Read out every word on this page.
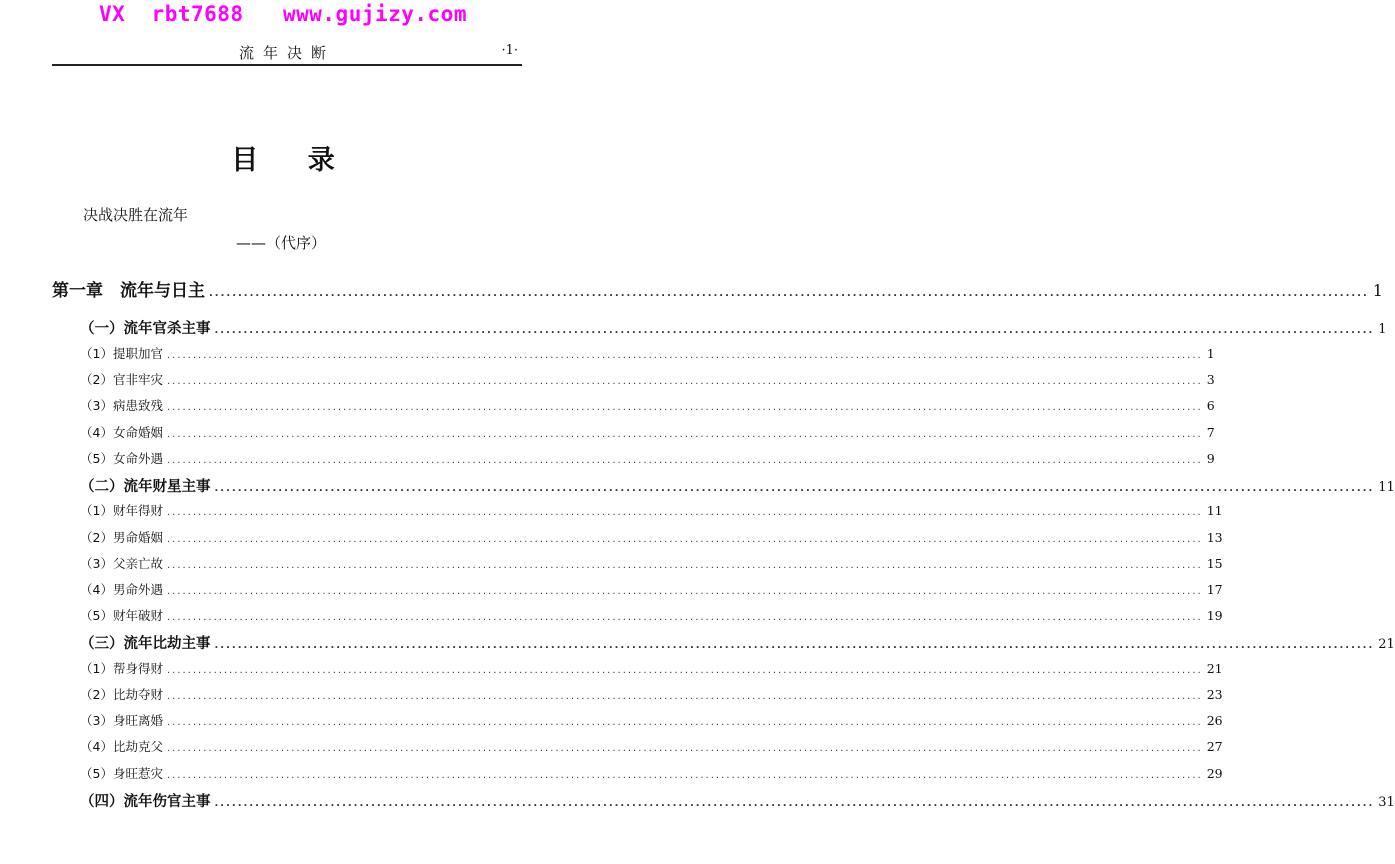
VX  rbt7688   www.gujizy.com
流年决断	·1·
目 录
决战决胜在流年
——（代序）
第一章　流年与日主 ........................................................................................................................................................................................................ 1
（一）流年官杀主事 ........................................................................................................................................................................................................ 1
（1）提职加官 ........................................................................................................................................................................................................ 1
（2）官非牢灾 ........................................................................................................................................................................................................ 3
（3）病患致残 ........................................................................................................................................................................................................ 6
（4）女命婚姻 ........................................................................................................................................................................................................ 7
（5）女命外遇 ........................................................................................................................................................................................................ 9
（二）流年财星主事 ........................................................................................................................................................................................................ 11
（1）财年得财 ........................................................................................................................................................................................................ 11
（2）男命婚姻 ........................................................................................................................................................................................................ 13
（3）父亲亡故 ........................................................................................................................................................................................................ 15
（4）男命外遇 ........................................................................................................................................................................................................ 17
（5）财年破财 ........................................................................................................................................................................................................ 19
（三）流年比劫主事 ........................................................................................................................................................................................................ 21
（1）帮身得财 ........................................................................................................................................................................................................ 21
（2）比劫夺财 ........................................................................................................................................................................................................ 23
（3）身旺离婚 ........................................................................................................................................................................................................ 26
（4）比劫克父 ........................................................................................................................................................................................................ 27
（5）身旺惹灾 ........................................................................................................................................................................................................ 29
（四）流年伤官主事 ........................................................................................................................................................................................................ 31
